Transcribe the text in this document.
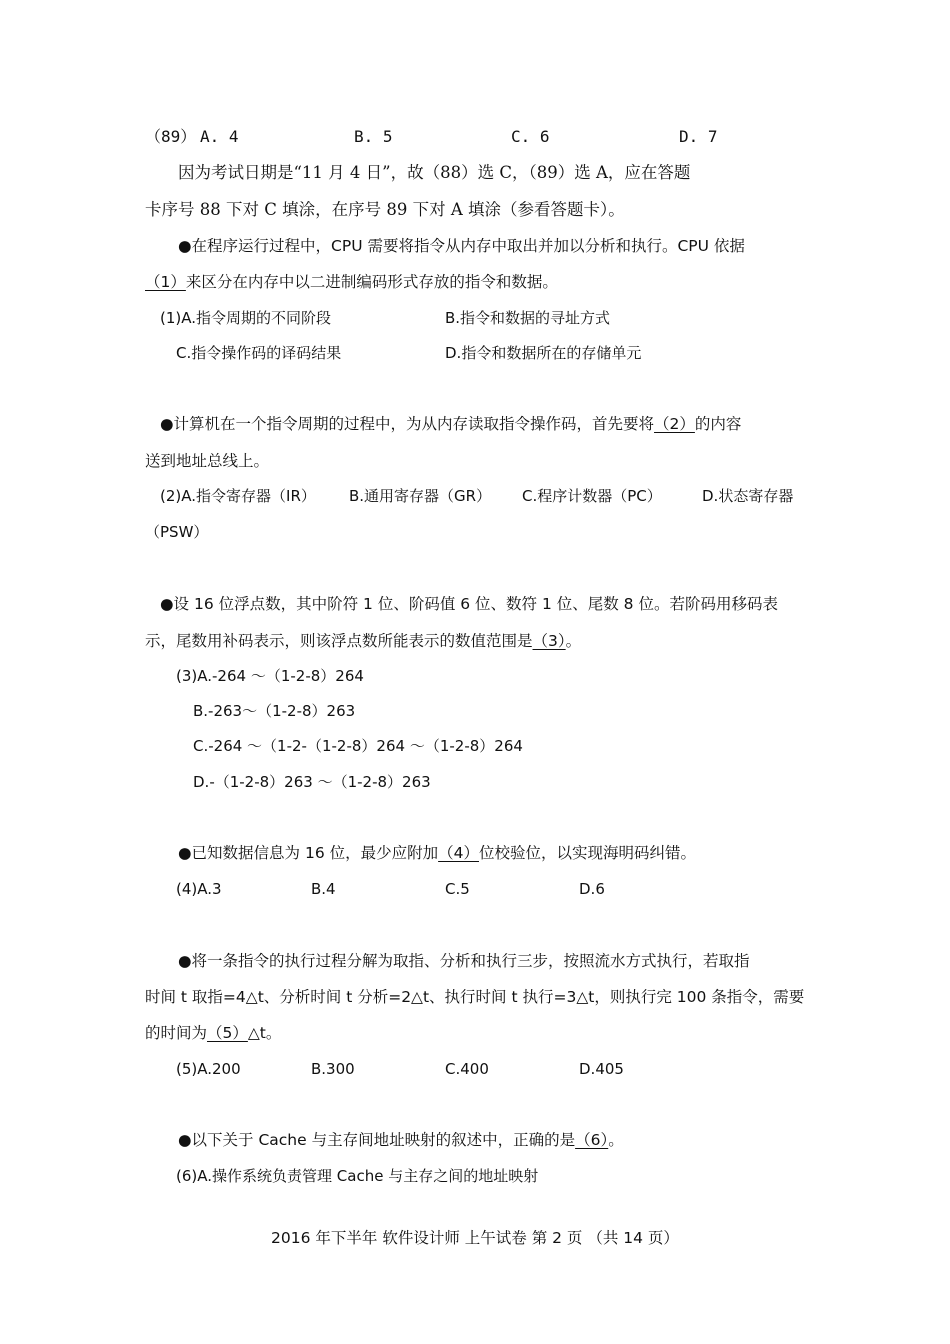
（89） A. 4	B. 5	C. 6	D. 7
因为考试日期是“11 月 4 日”，故（88）选 C，（89）选 A，应在答题
卡序号 88 下对 C 填涂，在序号 89 下对 A 填涂（参看答题卡）。
●在程序运行过程中，CPU 需要将指令从内存中取出并加以分析和执行。CPU 依据
（1）来区分在内存中以二进制编码形式存放的指令和数据。
(1)A.指令周期的不同阶段	B.指令和数据的寻址方式
C.指令操作码的译码结果	D.指令和数据所在的存储单元
●计算机在一个指令周期的过程中，为从内存读取指令操作码，首先要将（2）的内容
送到地址总线上。
(2)A.指令寄存器（IR） B.通用寄存器（GR） C.程序计数器（PC）	D.状态寄存器
（PSW）
●设 16 位浮点数，其中阶符 1 位、阶码值 6 位、数符 1 位、尾数 8 位。若阶码用移码表
示，尾数用补码表示，则该浮点数所能表示的数值范围是（3）。
(3)A.-264 ～（1-2-8）264
B.-263～（1-2-8）263
C.-264 ～（1-2-（1-2-8）264 ～（1-2-8）264
D.-（1-2-8）263 ～（1-2-8）263
●已知数据信息为 16 位，最少应附加（4）位校验位，以实现海明码纠错。
(4)A.3	B.4	C.5	D.6
●将一条指令的执行过程分解为取指、分析和执行三步，按照流水方式执行，若取指
时间 t 取指=4△t、分析时间 t 分析=2△t、执行时间 t 执行=3△t，则执行完 100 条指令，需要
的时间为（5）△t。
(5)A.200	B.300	C.400	D.405
●以下关于 Cache 与主存间地址映射的叙述中，正确的是（6）。
(6)A.操作系统负责管理 Cache 与主存之间的地址映射
2016 年下半年 软件设计师 上午试卷 第 2 页 （共 14 页）
